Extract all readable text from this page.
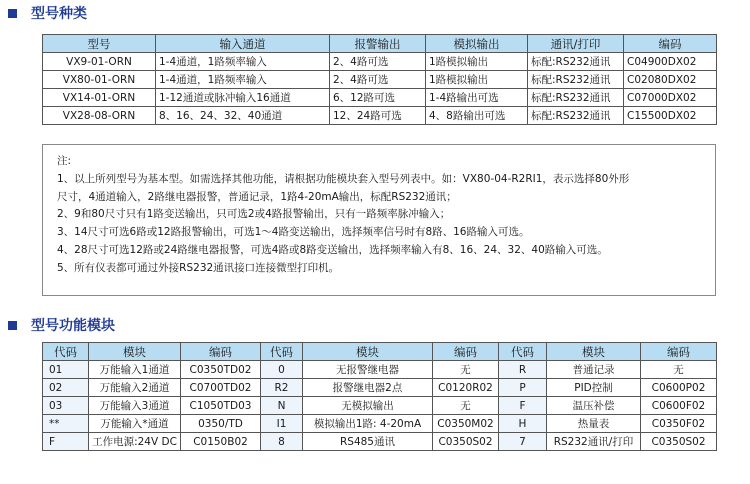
型号种类
型号	输入通道	报警输出	模拟输出	通讯/打印	编码
VX9-01-ORN	1-4通道，1路频率输入	2、4路可选	1路模拟输出	标配:RS232通讯	C04900DX02
VX80-01-ORN	1-4通道，1路频率输入	2、4路可选	1路模拟输出	标配:RS232通讯	C02080DX02
VX14-01-ORN	1-12通道或脉冲输入16通道	6、12路可选	1-4路输出可选	标配:RS232通讯	C07000DX02
VX28-08-ORN	8、16、24、32、40通道	12、24路可选	4、8路输出可选	标配:RS232通讯	C15500DX02
注:
1、以上所列型号为基本型。如需选择其他功能，请根据功能模块套入型号列表中。如：VX80-04-R2RI1，表示选择80外形
尺寸，4通道输入，2路继电器报警，普通记录，1路4-20mA输出，标配RS232通讯；
2、9和80尺寸只有1路变送输出，只可选2或4路报警输出，只有一路频率脉冲输入；
3、14尺寸可选6路或12路报警输出，可选1～4路变送输出，选择频率信号时有8路、16路输入可选。
4、28尺寸可选12路或24路继电器报警，可选4路或8路变送输出，选择频率输入有8、16、24、32、40路输入可选。
5、所有仪表都可通过外接RS232通讯接口连接微型打印机。
型号功能模块
代码	模块	编码	代码	模块	编码	代码	模块	编码
01	万能输入1通道	C0350TD02	0	无报警继电器	无	R	普通记录	无
02	万能输入2通道	C0700TD02	R2	报警继电器2点	C0120R02	P	PID控制	C0600P02
03	万能输入3通道	C1050TD03	N	无模拟输出	无	F	温压补偿	C0600F02
**	万能输入*通道	0350/TD	I1	模拟输出1路: 4-20mA	C0350M02	H	热量表	C0350F02
F	工作电源:24V DC	C0150B02	8	RS485通讯	C0350S02	7	RS232通讯/打印	C0350S02
